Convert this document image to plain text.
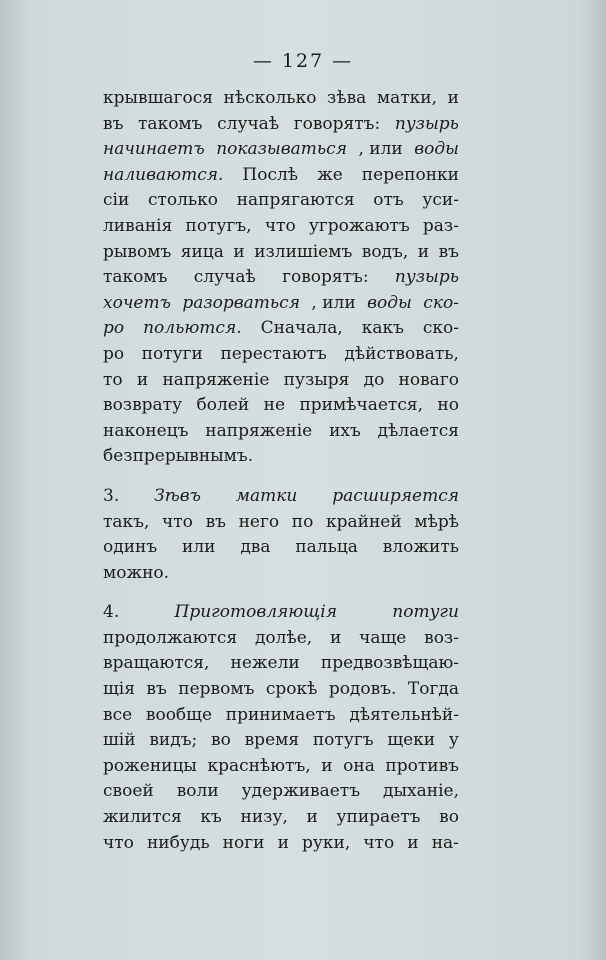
— 127 —
крывшагося нѣсколько зѣва матки, и
въ такомъ случаѣ говорятъ: пузырь
начинаетъ показываться , или воды
наливаются. Послѣ же перепонки
сіи столько напрягаются отъ уси-
ливанія потугъ, что угрожаютъ раз-
рывомъ яица и излишіемъ водъ, и въ
такомъ случаѣ говорятъ: пузырь
хочетъ разорваться , или воды ско-
ро польются. Сначала, какъ ско-
ро потуги перестаютъ дѣйствовать,
то и напряженіе пузыря до новаго
возврату болей не примѣчается, но
наконецъ напряженіе ихъ дѣлается
безпрерывнымъ.
3. Зѣвъ матки расширяется
такъ, что въ него по крайней мѣрѣ
одинъ или два пальца вложить
можно.
4.	Приготовляющія	потуги
продолжаются долѣе, и чаще воз-
вращаются, нежели предвозвѣщаю-
щія въ первомъ срокѣ родовъ. Тогда
все вообще принимаетъ дѣятельнѣй-
шій видъ; во время потугъ щеки у
роженицы краснѣютъ, и она противъ
своей воли удерживаетъ дыханіе,
жилится къ низу, и упираетъ во
что нибудь ноги и руки, что и на-
